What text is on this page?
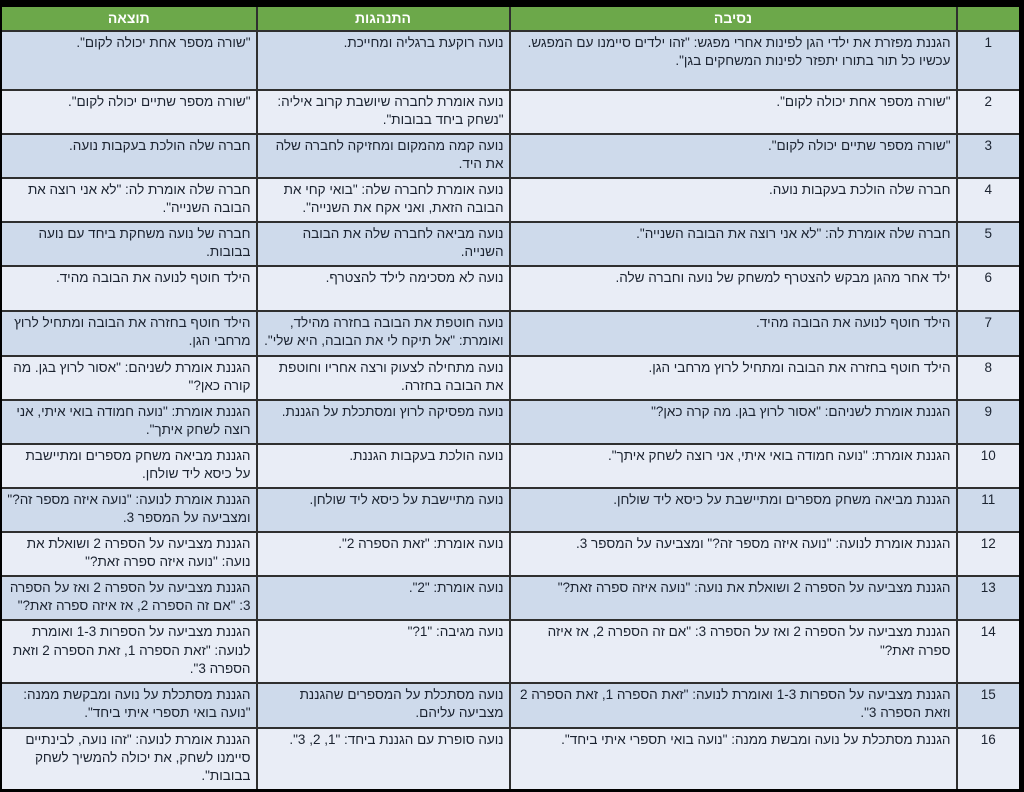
	נסיבה	התנהגות	תוצאה
1	הגננת מפזרת את ילדי הגן לפינות אחרי מפגש: "זהו ילדים סיימנו עם המפגש. עכשיו כל תור בתורו יתפזר לפינות המשחקים בגן".	נועה רוקעת ברגליה ומחייכת.	"שורה מספר אחת יכולה לקום".
2	"שורה מספר אחת יכולה לקום".	נועה אומרת לחברה שיושבת קרוב איליה: "נשחק ביחד בבובות".	"שורה מספר שתיים יכולה לקום".
3	"שורה מספר שתיים יכולה לקום".	נועה קמה מהמקום ומחזיקה לחברה שלה את היד.	חברה שלה הולכת בעקבות נועה.
4	חברה שלה הולכת בעקבות נועה.	נועה אומרת לחברה שלה: "בואי קחי את הבובה הזאת, ואני אקח את השנייה".	חברה שלה אומרת לה: "לא אני רוצה את הבובה השנייה".
5	חברה שלה אומרת לה: "לא אני רוצה את הבובה השנייה".	נועה מביאה לחברה שלה את הבובה השנייה.	חברה של נועה משחקת ביחד עם נועה בבובות.
6	ילד אחר מהגן מבקש להצטרף למשחק של נועה וחברה שלה.	נועה לא מסכימה לילד להצטרף.	הילד חוטף לנועה את הבובה מהיד.
7	הילד חוטף לנועה את הבובה מהיד.	נועה חוטפת את הבובה בחזרה מהילד, ואומרת: "אל תיקח לי את הבובה, היא שלי".	הילד חוטף בחזרה את הבובה ומתחיל לרוץ מרחבי הגן.
8	הילד חוטף בחזרה את הבובה ומתחיל לרוץ מרחבי הגן.	נועה מתחילה לצעוק ורצה אחריו וחוטפת את הבובה בחזרה.	הגננת אומרת לשניהם: "אסור לרוץ בגן. מה קורה כאן?"
9	הגננת אומרת לשניהם: "אסור לרוץ בגן. מה קרה כאן?"	נועה מפסיקה לרוץ ומסתכלת על הגננת.	הגננת אומרת: "נועה חמודה בואי איתי, אני רוצה לשחק איתך".
10	הגננת אומרת: "נועה חמודה בואי איתי, אני רוצה לשחק איתך".	נועה הולכת בעקבות הגננת.	הגננת מביאה משחק מספרים ומתיישבת על כיסא ליד שולחן.
11	הגננת מביאה משחק מספרים ומתיישבת על כיסא ליד שולחן.	נועה מתיישבת על כיסא ליד שולחן.	הגננת אומרת לנועה: "נועה איזה מספר זה?" ומצביעה על המספר 3.
12	הגננת אומרת לנועה: "נועה איזה מספר זה?" ומצביעה על המספר 3.	נועה אומרת: "זאת הספרה 2".	הגננת מצביעה על הספרה 2 ושואלת את נועה: "נועה איזה ספרה זאת?"
13	הגננת מצביעה על הספרה 2 ושואלת את נועה: "נועה איזה ספרה זאת?"	נועה אומרת: "2".	הגננת מצביעה על הספרה 2 ואז על הספרה 3: "אם זה הספרה 2, אז איזה ספרה זאת?"
14	הגננת מצביעה על הספרה 2 ואז על הספרה 3: "אם זה הספרה 2, אז איזה ספרה זאת?"	נועה מגיבה: "1?"	הגננת מצביעה על הספרות 1-3 ואומרת לנועה: "זאת הספרה 1, זאת הספרה 2 וזאת הספרה 3".
15	הגננת מצביעה על הספרות 1-3 ואומרת לנועה: "זאת הספרה 1, זאת הספרה 2 וזאת הספרה 3".	נועה מסתכלת על המספרים שהגננת מצביעה עליהם.	הגננת מסתכלת על נועה ומבקשת ממנה: "נועה בואי תספרי איתי ביחד".
16	הגננת מסתכלת על נועה ומבשת ממנה: "נועה בואי תספרי איתי ביחד".	נועה סופרת עם הגננת ביחד: "1, 2, 3".	הגננת אומרת לנועה: "זהו נועה, לבינתיים סיימנו לשחק, את יכולה להמשיך לשחק בבובות".
